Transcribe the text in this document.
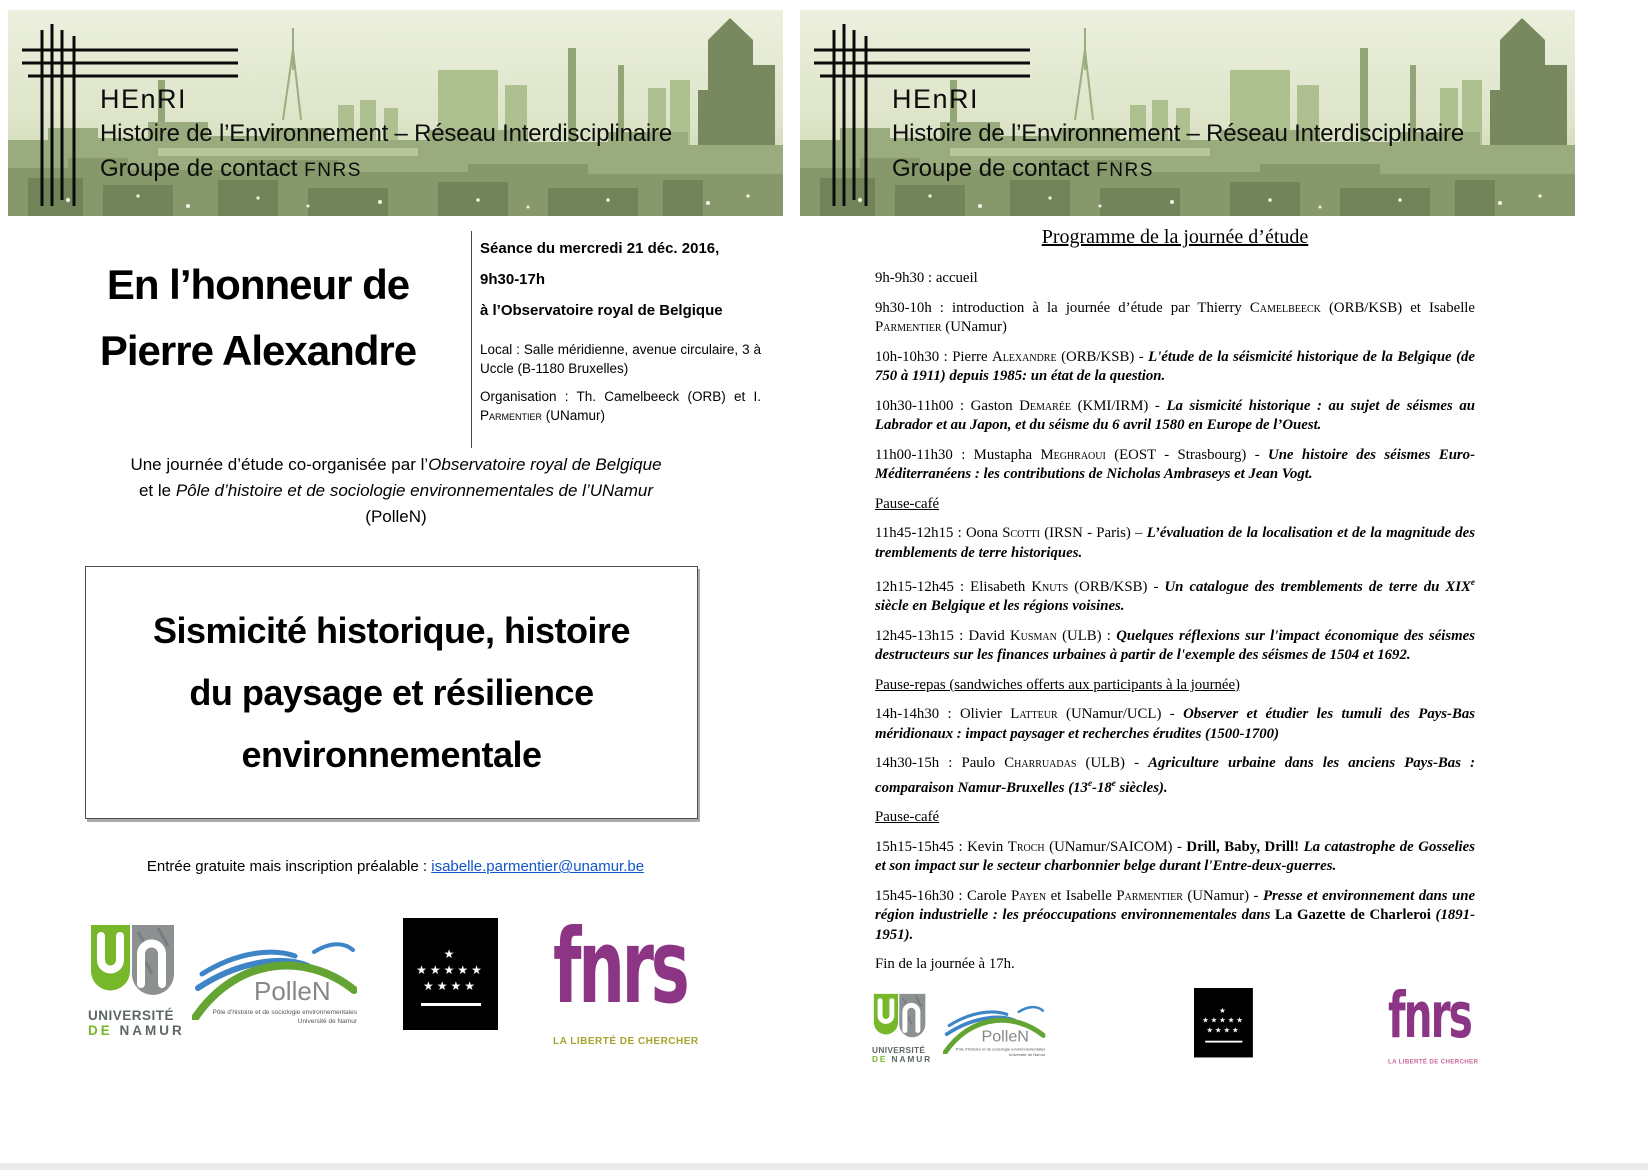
HEnRI
Histoire de l’Environnement – Réseau Interdisciplinaire
Groupe de contact FNRS
En l’honneur de
Pierre Alexandre
Séance du mercredi 21 déc. 2016,
9h30-17h
à l’Observatoire royal de Belgique
Local : Salle méridienne, avenue circulaire, 3 à Uccle (B-1180 Bruxelles)
Organisation : Th. Camelbeeck (ORB) et I. Parmentier (UNamur)
Une journée d’étude co-organisée par l’Observatoire royal de Belgique
et le Pôle d’histoire et de sociologie environnementales de l’UNamur
(PolleN)
Sismicité historique, histoire
du paysage et résilience
environnementale
Entrée gratuite mais inscription préalable : isabelle.parmentier@unamur.be
HEnRI
Histoire de l’Environnement – Réseau Interdisciplinaire
Groupe de contact FNRS
Programme de la journée d’étude

9h-9h30 : accueil

9h30-10h : introduction à la journée d’étude par Thierry Camelbeeck (ORB/KSB) et Isabelle Parmentier (UNamur)

10h-10h30 : Pierre Alexandre (ORB/KSB) - L'étude de la séismicité historique de la Belgique (de 750 à 1911) depuis 1985: un état de la question.

10h30-11h00 : Gaston Demarée (KMI/IRM) - La sismicité historique : au sujet de séismes au Labrador et au Japon, et du séisme du 6 avril 1580 en Europe de l’Ouest.

11h00-11h30 : Mustapha Meghraoui (EOST - Strasbourg) - Une histoire des séismes Euro-Méditerranéens : les contributions de Nicholas Ambraseys et Jean Vogt.

Pause-café

11h45-12h15 : Oona Scotti (IRSN - Paris) – L’évaluation de la localisation et de la magnitude des tremblements de terre historiques.

12h15-12h45 : Elisabeth Knuts (ORB/KSB) - Un catalogue des tremblements de terre du XIXe siècle en Belgique et les régions voisines.

12h45-13h15 : David Kusman (ULB) : Quelques réflexions sur l'impact économique des séismes destructeurs sur les finances urbaines à partir de l'exemple des séismes de 1504 et 1692.

Pause-repas (sandwiches offerts aux participants à la journée)

14h-14h30 : Olivier Latteur (UNamur/UCL) - Observer et étudier les tumuli des Pays-Bas méridionaux : impact paysager et recherches érudites (1500-1700)

14h30-15h : Paulo Charruadas (ULB) - Agriculture urbaine dans les anciens Pays-Bas : comparaison Namur-Bruxelles (13e-18e siècles).

Pause-café

15h15-15h45 : Kevin Troch (UNamur/SAICOM) - Drill, Baby, Drill! La catastrophe de Gosselies et son impact sur le secteur charbonnier belge durant l'Entre-deux-guerres.

15h45-16h30 : Carole Payen et Isabelle Parmentier (UNamur) - Presse et environnement dans une région industrielle : les préoccupations environnementales dans La Gazette de Charleroi (1891-1951).

Fin de la journée à 17h.

UNIVERSITÉ
DE NAMUR
PolleN
Pôle d’histoire et de sociologie environnementales
Université de Namur
★
★★★★★
★★★★ fnrs
LA LIBERTÉ DE CHERCHER
UNIVERSITÉ
DE NAMUR
PolleN
Pôle d’histoire et de sociologie environnementales
Université de Namur
★
★★★★★
★★★★ fnrs
LA LIBERTÉ DE CHERCHER
